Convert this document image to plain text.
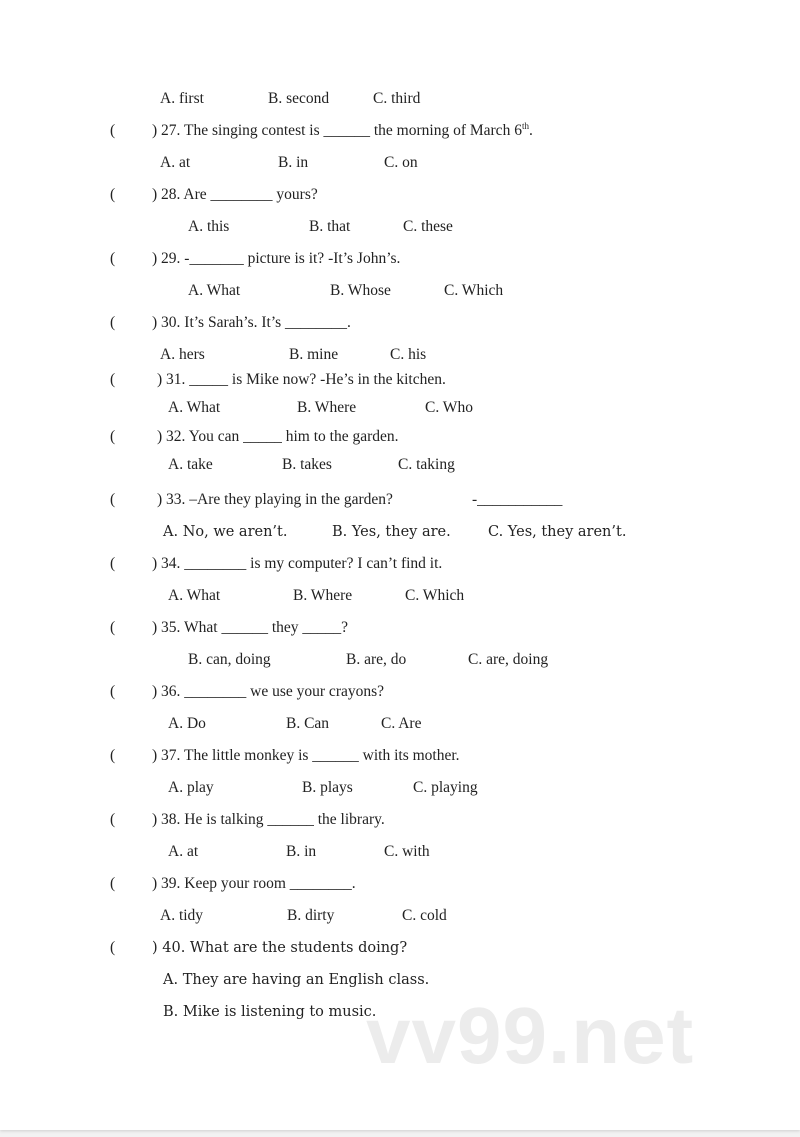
A. first	B. second	C. third
( ) 27. The singing contest is ______ the morning of March 6th.
A. at	B. in	C. on
( ) 28. Are ________ yours?
A. this	B. that	C. these
( ) 29. -_______ picture is it? -It’s John’s.
A. What	B. Whose	C. Which
( ) 30. It’s Sarah’s. It’s ________.
A. hers	B. mine	C. his
(	) 31. _____ is Mike now? -He’s in the kitchen.
A. What	B. Where	C. Who
(	) 32. You can _____ him to the garden.
A. take	B. takes	C. taking
(	) 33. –Are they playing in the garden?	-___________
A. No, we aren’t.	B. Yes, they are.	C. Yes, they aren’t.
( ) 34. ________ is my computer? I can’t find it.
A. What	B. Where	C. Which
( ) 35. What ______ they _____?
B. can, doing	B. are, do	C. are, doing
( ) 36. ________ we use your crayons?
A. Do	B. Can	C. Are
( ) 37. The little monkey is ______ with its mother.
A. play	B. plays	C. playing
( ) 38. He is talking ______ the library.
A. at	B. in	C. with
( ) 39. Keep your room ________.
A. tidy	B. dirty	C. cold
(	) 40. What are the students doing?
A. They are having an English class.
B. Mike is listening to music.
vv99.net
